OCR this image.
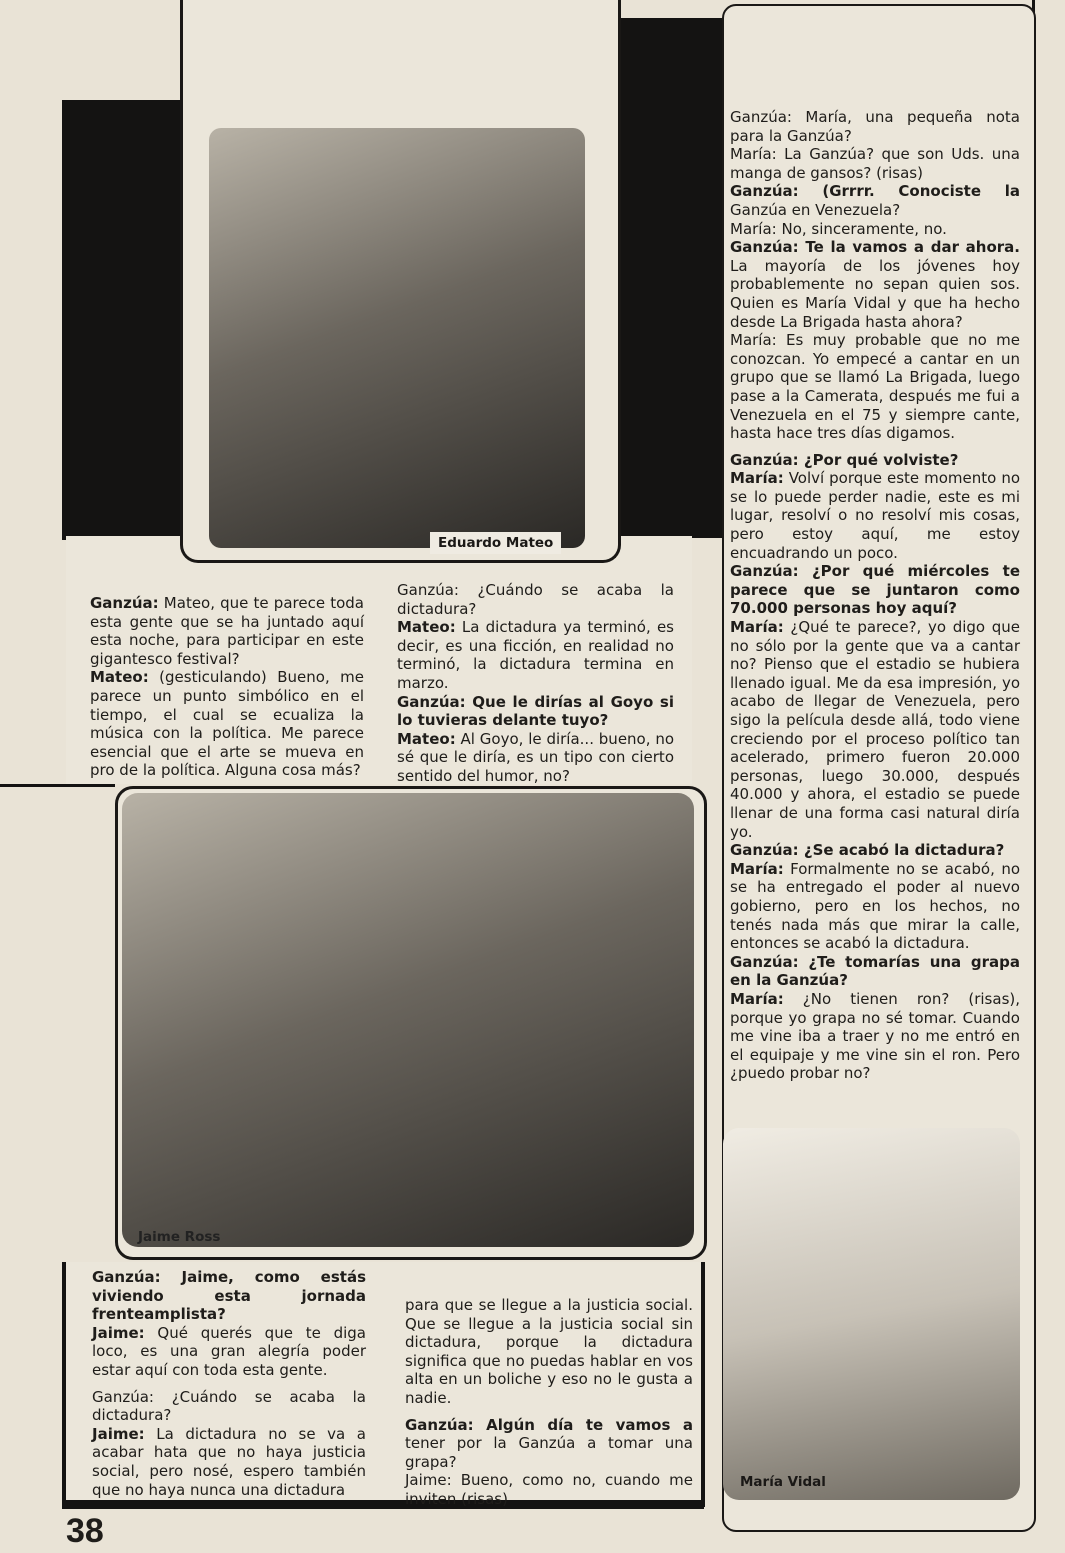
Eduardo Mateo
Jaime Ross
María Vidal

Ganzúa: Mateo, que te parece toda esta gente que se ha juntado aquí esta noche, para participar en este gigantesco festival?

Mateo: (gesticulando) Bueno, me parece un punto simbólico en el tiempo, el cual se ecualiza la música con la política. Me parece esencial que el arte se mueva en pro de la política. Alguna cosa más?

Ganzúa: ¿Cuándo se acaba la dictadura?

Mateo: La dictadura ya terminó, es decir, es una ficción, en realidad no terminó, la dictadura termina en marzo.

Ganzúa: Que le dirías al Goyo si lo tuvieras delante tuyo?

Mateo: Al Goyo, le diría... bueno, no sé que le diría, es un tipo con cierto sentido del humor, no?

Ganzúa: Jaime, como estás viviendo esta jornada frenteamplista?

Jaime: Qué querés que te diga loco, es una gran alegría poder estar aquí con toda esta gente.

Ganzúa: ¿Cuándo se acaba la dictadura?

Jaime: La dictadura no se va a acabar hata que no haya justicia social, pero nosé, espero también que no haya nunca una dictadura

para que se llegue a la justicia social. Que se llegue a la justicia social sin dictadura, porque la dictadura significa que no puedas hablar en vos alta en un boliche y eso no le gusta a nadie.

Ganzúa: Algún día te vamos a tener por la Ganzúa a tomar una grapa?

Jaime: Bueno, como no, cuando me inviten (risas)

Ganzúa: María, una pequeña nota para la Ganzúa?

María: La Ganzúa? que son Uds. una manga de gansos? (risas)

Ganzúa: (Grrrr. Conociste la Ganzúa en Venezuela?

María: No, sinceramente, no.

Ganzúa: Te la vamos a dar ahora. La mayoría de los jóvenes hoy probablemente no sepan quien sos. Quien es María Vidal y que ha hecho desde La Brigada hasta ahora?

María: Es muy probable que no me conozcan. Yo empecé a cantar en un grupo que se llamó La Brigada, luego pase a la Camerata, después me fui a Venezuela en el 75 y siempre cante, hasta hace tres días digamos.

Ganzúa: ¿Por qué volviste?

María: Volví porque este momento no se lo puede perder nadie, este es mi lugar, resolví o no resolví mis cosas, pero estoy aquí, me estoy encuadrando un poco.

Ganzúa: ¿Por qué miércoles te parece que se juntaron como 70.000 personas hoy aquí?

María: ¿Qué te parece?, yo digo que no sólo por la gente que va a cantar no? Pienso que el estadio se hubiera llenado igual. Me da esa impresión, yo acabo de llegar de Venezuela, pero sigo la película desde allá, todo viene creciendo por el proceso político tan acelerado, primero fueron 20.000 personas, luego 30.000, después 40.000 y ahora, el estadio se puede llenar de una forma casi natural diría yo.

Ganzúa: ¿Se acabó la dictadura?

María: Formalmente no se acabó, no se ha entregado el poder al nuevo gobierno, pero en los hechos, no tenés nada más que mirar la calle, entonces se acabó la dictadura.

Ganzúa: ¿Te tomarías una grapa en la Ganzúa?

María: ¿No tienen ron? (risas), porque yo grapa no sé tomar. Cuando me vine iba a traer y no me entró en el equipaje y me vine sin el ron. Pero ¿puedo probar no?

38
